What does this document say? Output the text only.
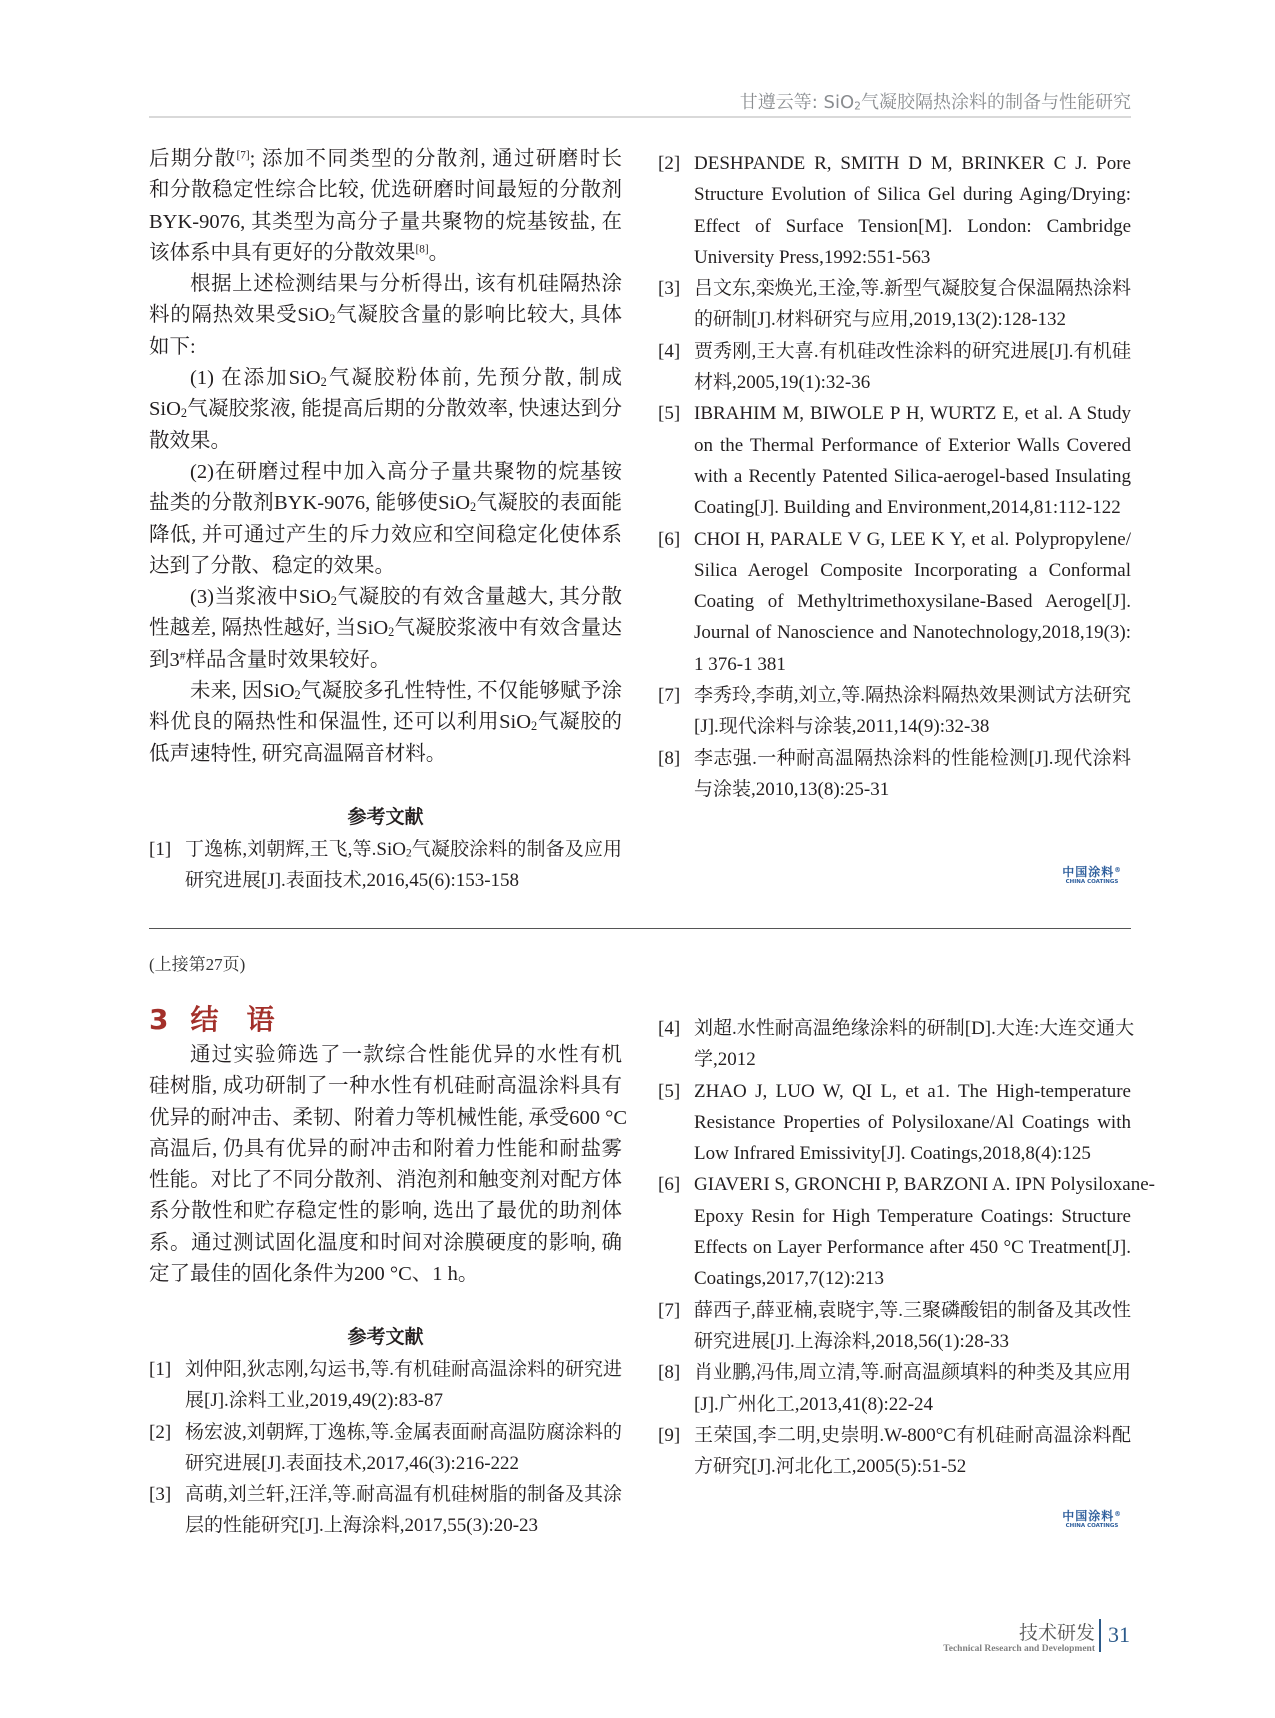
甘遵云等: SiO$_2$气凝胶隔热涂料的制备与性能研究
后期分散[7]; 添加不同类型的分散剂, 通过研磨时长
和分散稳定性综合比较, 优选研磨时间最短的分散剂
BYK-9076, 其类型为高分子量共聚物的烷基铵盐, 在
该体系中具有更好的分散效果[8]。
根据上述检测结果与分析得出, 该有机硅隔热涂
料的隔热效果受SiO$_2$气凝胶含量的影响比较大, 具体
如下:
(1) 在添加SiO$_2$气凝胶粉体前, 先预分散, 制成
SiO$_2$气凝胶浆液, 能提高后期的分散效率, 快速达到分
散效果。
(2)在研磨过程中加入高分子量共聚物的烷基铵
盐类的分散剂BYK-9076, 能够使SiO$_2$气凝胶的表面能
降低, 并可通过产生的斥力效应和空间稳定化使体系
达到了分散、稳定的效果。
(3)当浆液中SiO$_2$气凝胶的有效含量越大, 其分散
性越差, 隔热性越好, 当SiO$_2$气凝胶浆液中有效含量达
到3#样品含量时效果较好。
未来, 因SiO$_2$气凝胶多孔性特性, 不仅能够赋予涂
料优良的隔热性和保温性, 还可以利用SiO$_2$气凝胶的
低声速特性, 研究高温隔音材料。
参考文献
[1] 丁逸栋,刘朝辉,王飞,等.SiO$_2$气凝胶涂料的制备及应用
研究进展[J].表面技术,2016,45(6):153-158
[2] DESHPANDE R, SMITH D M, BRINKER C J. Pore
Structure Evolution of Silica Gel during Aging/Drying:
Effect of Surface Tension[M]. London: Cambridge
University Press,1992:551-563
[3] 吕文东,栾焕光,王淦,等.新型气凝胶复合保温隔热涂料
的研制[J].材料研究与应用,2019,13(2):128-132
[4] 贾秀刚,王大喜.有机硅改性涂料的研究进展[J].有机硅
材料,2005,19(1):32-36
[5] IBRAHIM M, BIWOLE P H, WURTZ E, et al. A Study
on the Thermal Performance of Exterior Walls Covered
with a Recently Patented Silica-aerogel-based Insulating
Coating[J]. Building and Environment,2014,81:112-122
[6] CHOI H, PARALE V G, LEE K Y, et al. Polypropylene/
Silica Aerogel Composite Incorporating a Conformal
Coating of Methyltrimethoxysilane-Based Aerogel[J].
Journal of Nanoscience and Nanotechnology,2018,19(3):
1 376-1 381
[7] 李秀玲,李萌,刘立,等.隔热涂料隔热效果测试方法研究
[J].现代涂料与涂装,2011,14(9):32-38
[8] 李志强.一种耐高温隔热涂料的性能检测[J].现代涂料
与涂装,2010,13(8):25-31
中国涂料®
CHINA COATINGS
(上接第27页)
3 结　语
通过实验筛选了一款综合性能优异的水性有机
硅树脂, 成功研制了一种水性有机硅耐高温涂料具有
优异的耐冲击、柔韧、附着力等机械性能, 承受600 °C
高温后, 仍具有优异的耐冲击和附着力性能和耐盐雾
性能。对比了不同分散剂、消泡剂和触变剂对配方体
系分散性和贮存稳定性的影响, 选出了最优的助剂体
系。通过测试固化温度和时间对涂膜硬度的影响, 确
定了最佳的固化条件为200 °C、1 h。
参考文献
[1] 刘仲阳,狄志刚,勾运书,等.有机硅耐高温涂料的研究进
展[J].涂料工业,2019,49(2):83-87
[2] 杨宏波,刘朝辉,丁逸栋,等.金属表面耐高温防腐涂料的
研究进展[J].表面技术,2017,46(3):216-222
[3] 高萌,刘兰轩,汪洋,等.耐高温有机硅树脂的制备及其涂
层的性能研究[J].上海涂料,2017,55(3):20-23
[4] 刘超.水性耐高温绝缘涂料的研制[D].大连:大连交通大
学,2012
[5] ZHAO J, LUO W, QI L, et a1. The High-temperature
Resistance Properties of Polysiloxane/Al Coatings with
Low Infrared Emissivity[J]. Coatings,2018,8(4):125
[6] GIAVERI S, GRONCHI P, BARZONI A. IPN Polysiloxane-
Epoxy Resin for High Temperature Coatings: Structure
Effects on Layer Performance after 450 °C Treatment[J].
Coatings,2017,7(12):213
[7] 薛西子,薛亚楠,袁晓宇,等.三聚磷酸铝的制备及其改性
研究进展[J].上海涂料,2018,56(1):28-33
[8] 肖业鹏,冯伟,周立清,等.耐高温颜填料的种类及其应用
[J].广州化工,2013,41(8):22-24
[9] 王荣国,李二明,史崇明.W-800°C有机硅耐高温涂料配
方研究[J].河北化工,2005(5):51-52
中国涂料®
CHINA COATINGS
技术研发
Technical Research and Development
31
